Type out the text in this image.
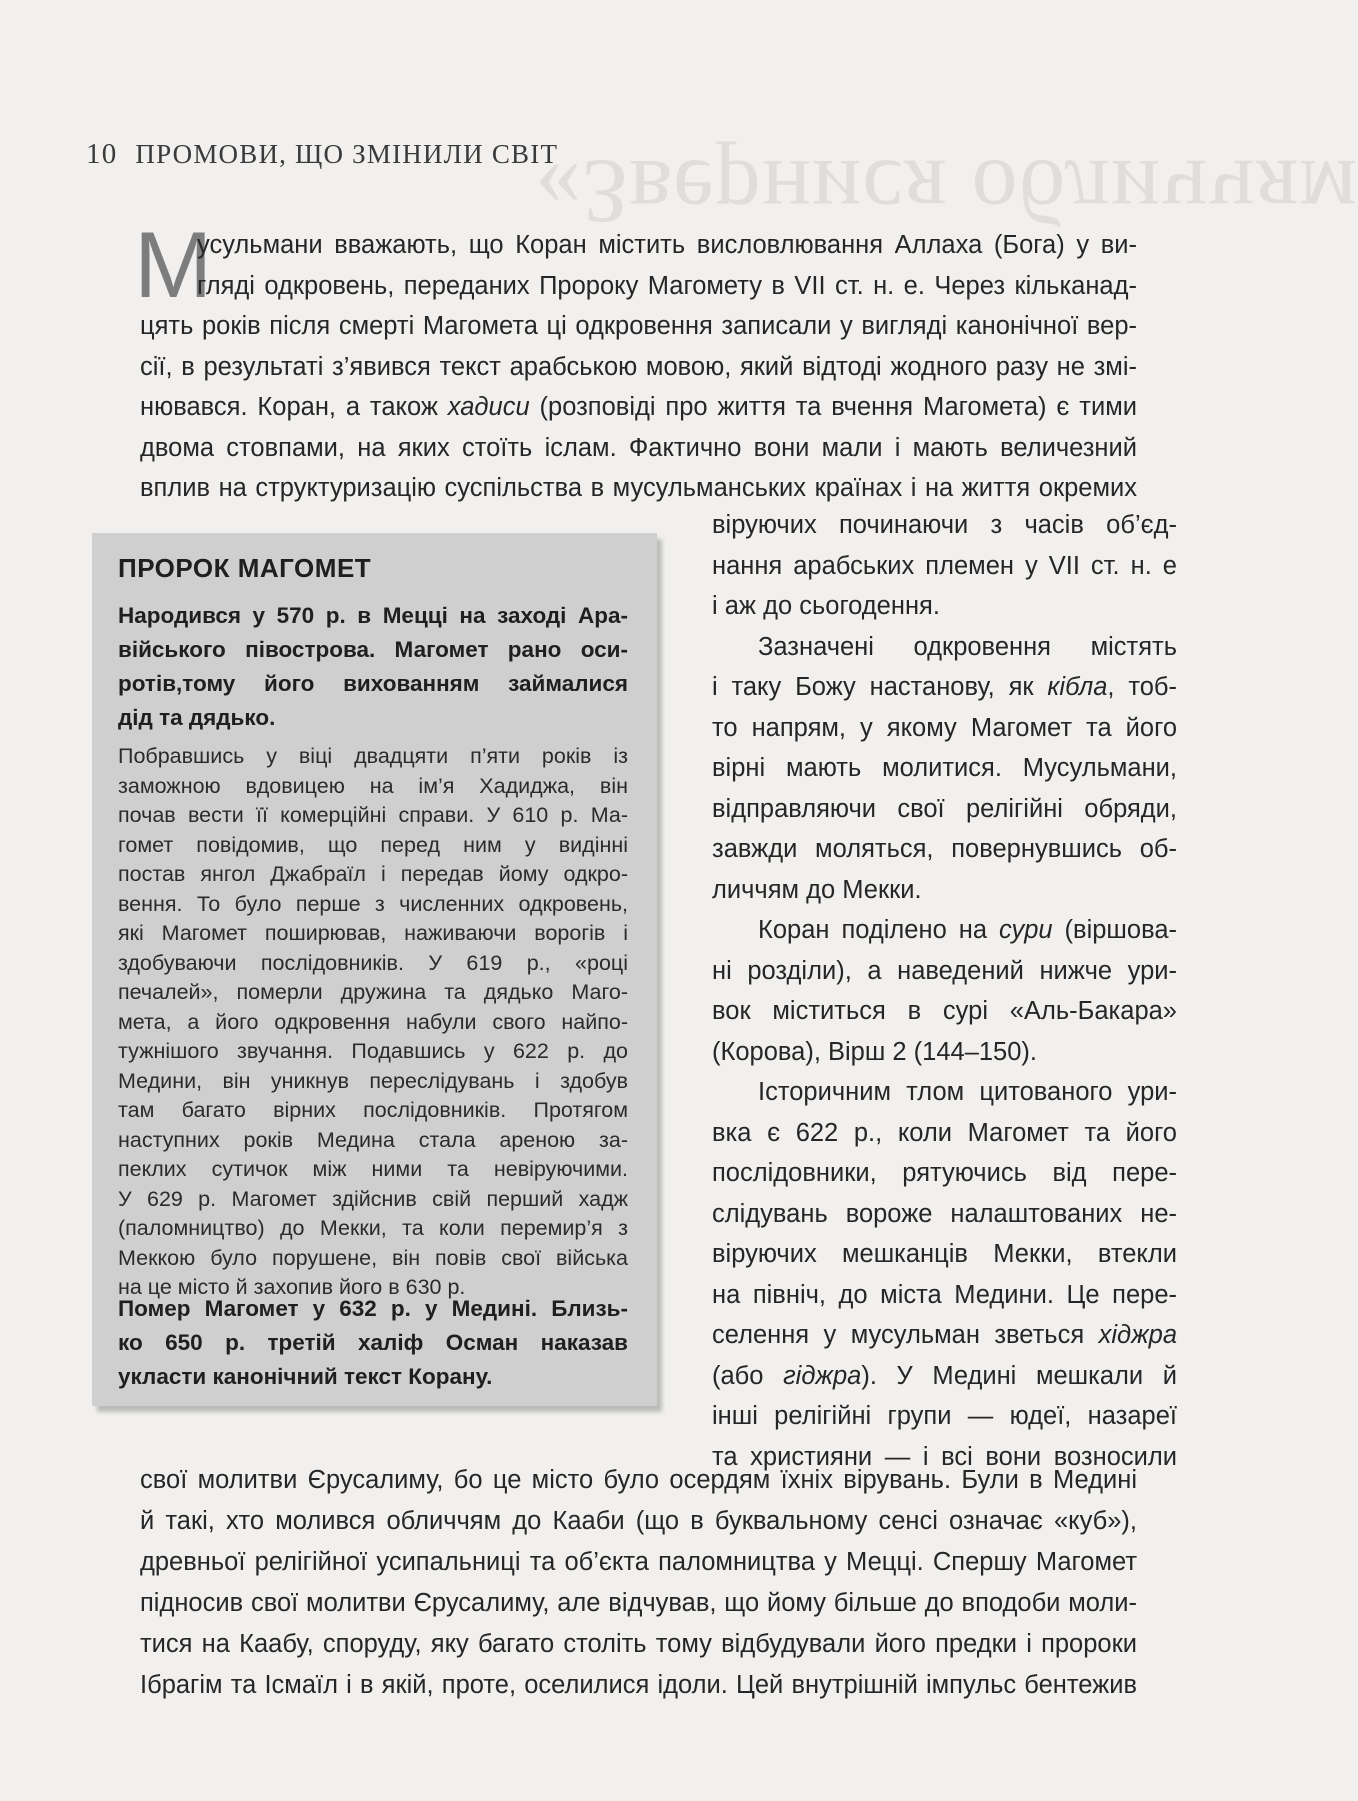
«Звернися обличчям
10 ПРОМОВИ, ЩО ЗМІНИЛИ СВІТ
М
усульмани вважають, що Коран містить висловлювання Аллаха (Бога) у ви-
гляді одкровень, переданих Пророку Магомету в VII ст. н. е. Через кільканад-
цять років після смерті Магомета ці одкровення записали у вигляді канонічної вер-
сії, в результаті з’явився текст арабською мовою, який відтоді жодного разу не змі-
нювався. Коран, а також хадиси (розповіді про життя та вчення Магомета) є тими
двома стовпами, на яких стоїть іслам. Фактично вони мали і мають величезний
вплив на структуризацію суспільства в мусульманських країнах і на життя окремих
віруючих починаючи з часів об’єд-
нання арабських племен у VII ст. н. е
і аж до сьогодення.
Зазначені одкровення містять
і таку Божу настанову, як кібла, тоб-
то напрям, у якому Магомет та його
вірні мають молитися. Мусульмани,
відправляючи свої релігійні обряди,
завжди моляться, повернувшись об-
личчям до Мекки.
Коран поділено на сури (віршова-
ні розділи), а наведений нижче ури-
вок міститься в сурі «Аль-Бакара»
(Корова), Вірш 2 (144–150).
Історичним тлом цитованого ури-
вка є 622 р., коли Магомет та його
послідовники, рятуючись від пере-
слідувань вороже налаштованих не-
віруючих мешканців Мекки, втекли
на північ, до міста Медини. Це пере-
селення у мусульман зветься хіджра
(або гіджра). У Медині мешкали й
інші релігійні групи — юдеї, назареї
та християни — і всі вони возносили
свої молитви Єрусалиму, бо це місто було осердям їхніх вірувань. Були в Медині
й такі, хто молився обличчям до Кааби (що в буквальному сенсі означає «куб»),
древньої релігійної усипальниці та об’єкта паломництва у Мецці. Спершу Магомет
підносив свої молитви Єрусалиму, але відчував, що йому більше до вподоби моли-
тися на Каабу, споруду, яку багато століть тому відбудували його предки і пророки
Ібрагім та Ісмаїл і в якій, проте, оселилися ідоли. Цей внутрішній імпульс бентежив
ПРОРОК МАГОМЕТ
Народився у 570 р. в Мецці на заході Ара-
війського півострова. Магомет рано оси-
ротів,тому його вихованням займалися
дід та дядько.
Побравшись у віці двадцяти п’яти років із
заможною вдовицею на ім’я Хадиджа, він
почав вести її комерційні справи. У 610 р. Ма-
гомет повідомив, що перед ним у видінні
постав янгол Джабраїл і передав йому одкро-
вення. То було перше з численних одкровень,
які Магомет поширював, наживаючи ворогів і
здобуваючи послідовників. У 619 р., «році
печалей», померли дружина та дядько Маго-
мета, а його одкровення набули свого найпо-
тужнішого звучання. Подавшись у 622 р. до
Медини, він уникнув переслідувань і здобув
там багато вірних послідовників. Протягом
наступних років Медина стала ареною за-
пеклих сутичок між ними та невіруючими.
У 629 р. Магомет здійснив свій перший хадж
(паломництво) до Мекки, та коли перемир’я з
Меккою було порушене, він повів свої війська
на це місто й захопив його в 630 р.
Помер Магомет у 632 р. у Медині. Близь-
ко 650 р. третій халіф Осман наказав
укласти канонічний текст Корану.
